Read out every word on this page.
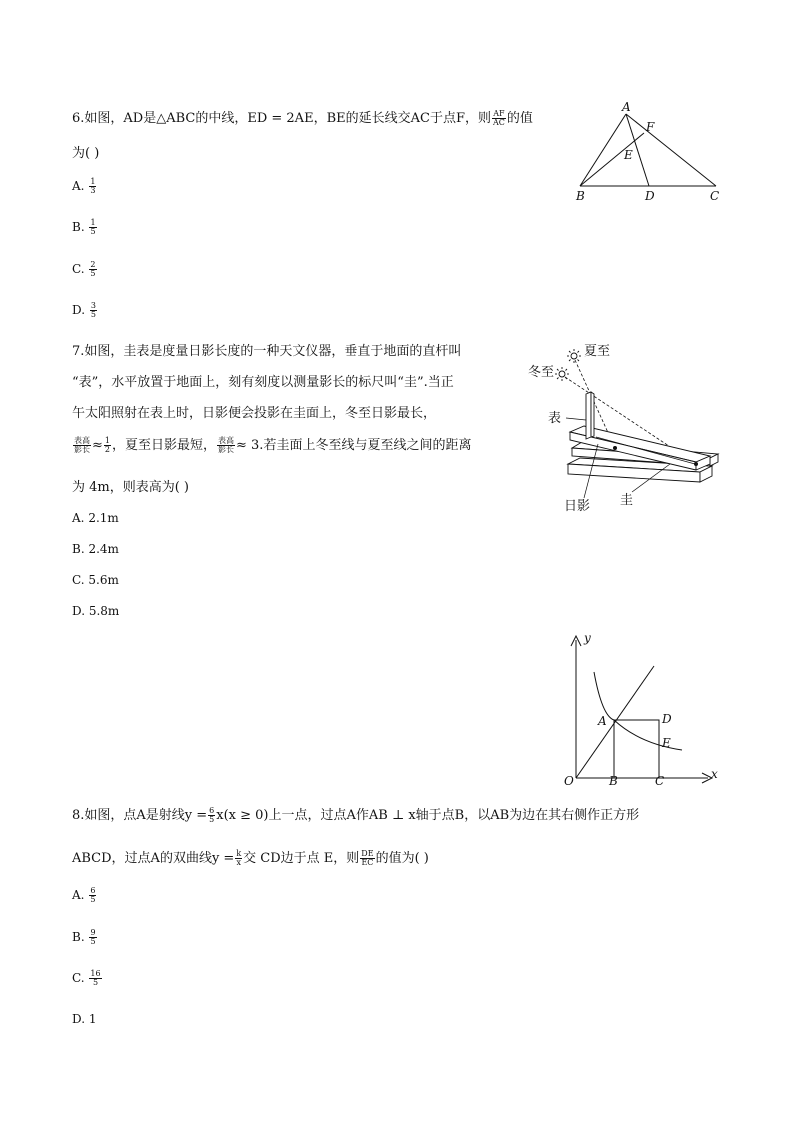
6.如图，AD是△ABC的中线，ED = 2AE，BE的延长线交AC于点F，则 $\frac{AF}{AC}$ 的值
为( )
A. $\frac{1}{3}$
B. $\frac{1}{5}$
C. $\frac{2}{5}$
D. $\frac{3}{5}$
A
F
E
B	D	C
7.如图，圭表是度量日影长度的一种天文仪器，垂直于地面的直杆叫
“表”，水平放置于地面上，刻有刻度以测量影长的标尺叫“圭”.当正
午太阳照射在表上时，日影便会投影在圭面上，冬至日影最长，
$\frac{\text{表高}}{\text{影长}} \approx \frac{1}{2}$ ，夏至日影最短， $\frac{\text{表高}}{\text{影长}} \approx 3$.若圭面上冬至线与夏至线之间的距离
为 4m，则表高为( )
A. 2.1m
B. 2.4m
C. 5.6m
D. 5.8m
夏至
冬至
表
日影 圭
y
x
O
A
B	C
D
E
8.如图，点A是射线$y = \frac{6}{5} x(x \ge 0)$上一点，过点A作AB ⊥ x轴于点B，以AB为边在其右侧作正方形
ABCD，过点A的双曲线$y = \frac{k}{x}$ 交 CD边于点 E，则 $\frac{DE}{EC}$ 的值为( )
A. $\frac{6}{5}$
B. $\frac{9}{5}$
C. $\frac{16}{5}$
D. 1
